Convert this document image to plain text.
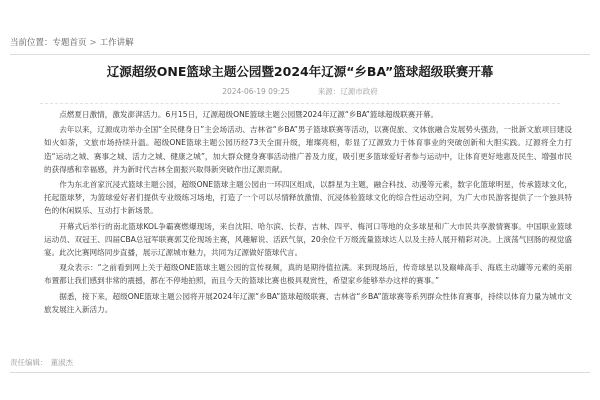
当前位置： 专题首页 > 工作讲解
辽源超级ONE篮球主题公园暨2024年辽源“乡BA”篮球超级联赛开幕
2024-06-19 09:25	来源：辽源市政府

点燃夏日激情，激发澎湃活力。6月15日，辽源超级ONE篮球主题公园暨2024年辽源“乡BA”篮球超级联赛开幕。

去年以来，辽源成功举办全国“全民健身日”主会场活动、吉林省“乡BA”男子篮球联赛等活动，以赛促旅、文体旅融合发展势头强劲，一批新文旅项目建设如火如荼，文旅市场持续升温。超级ONE篮球主题公园历经73天全面升级，璀璨亮相，彰显了辽源致力于体育事业的突破创新和大胆实践。辽源将全力打造“运动之城、赛事之城、活力之城、健康之城”，加大群众健身赛事活动推广普及力度，吸引更多篮球爱好者参与运动中，让体育更好地惠及民生、增强市民的获得感和幸福感，并为新时代吉林全面振兴取得新突破作出辽源贡献。

作为东北首家沉浸式篮球主题公园，超级ONE篮球主题公园由一环四区组成，以群星为主题，融合科技、动漫等元素，数字化篮球明星，传承篮球文化，托起篮球梦，为篮球爱好者们提供专业级练习场地，打造了一个可以尽情释放激情、沉浸体验篮球文化的综合性运动空间，为广大市民游客提供了一个独具特色的休闲娱乐、互动打卡新场景。

开幕式后举行的南北篮球KOL争霸赛燃爆现场，来自沈阳、哈尔滨、长春、吉林、四平、梅河口等地的众多球星和广大市民共享激情赛事。中国职业篮球运动员、双冠王、四届CBA总冠军联赛郭艾伦现场主赛，风趣解说、活跃气氛，20余位千万级流量篮球达人以及主持人展开精彩对决。上演荡气回肠的视觉盛宴。此次比赛网络同步直播，展示辽源城市魅力，共同为辽源做好篮球代言。

观众表示：“之前看到网上关于超级ONE篮球主题公园的宣传视频，真的是期待值拉满。来到现场后，传奇球星以及巅峰高手、海底主动罐等元素的美丽布置都让我们感到非常的震撼，都在不停地拍照，而且今天的篮球比赛也极具观赏性，希望家乡能够举办这样的赛事。”

据悉，接下来，超级ONE篮球主题公园将开展2024年辽源“乡BA”篮球超级联赛、吉林省“乡BA”篮球赛等系列群众性体育赛事，持续以体育力量为城市文旅发展注入新活力。

责任编辑： 董淑杰
